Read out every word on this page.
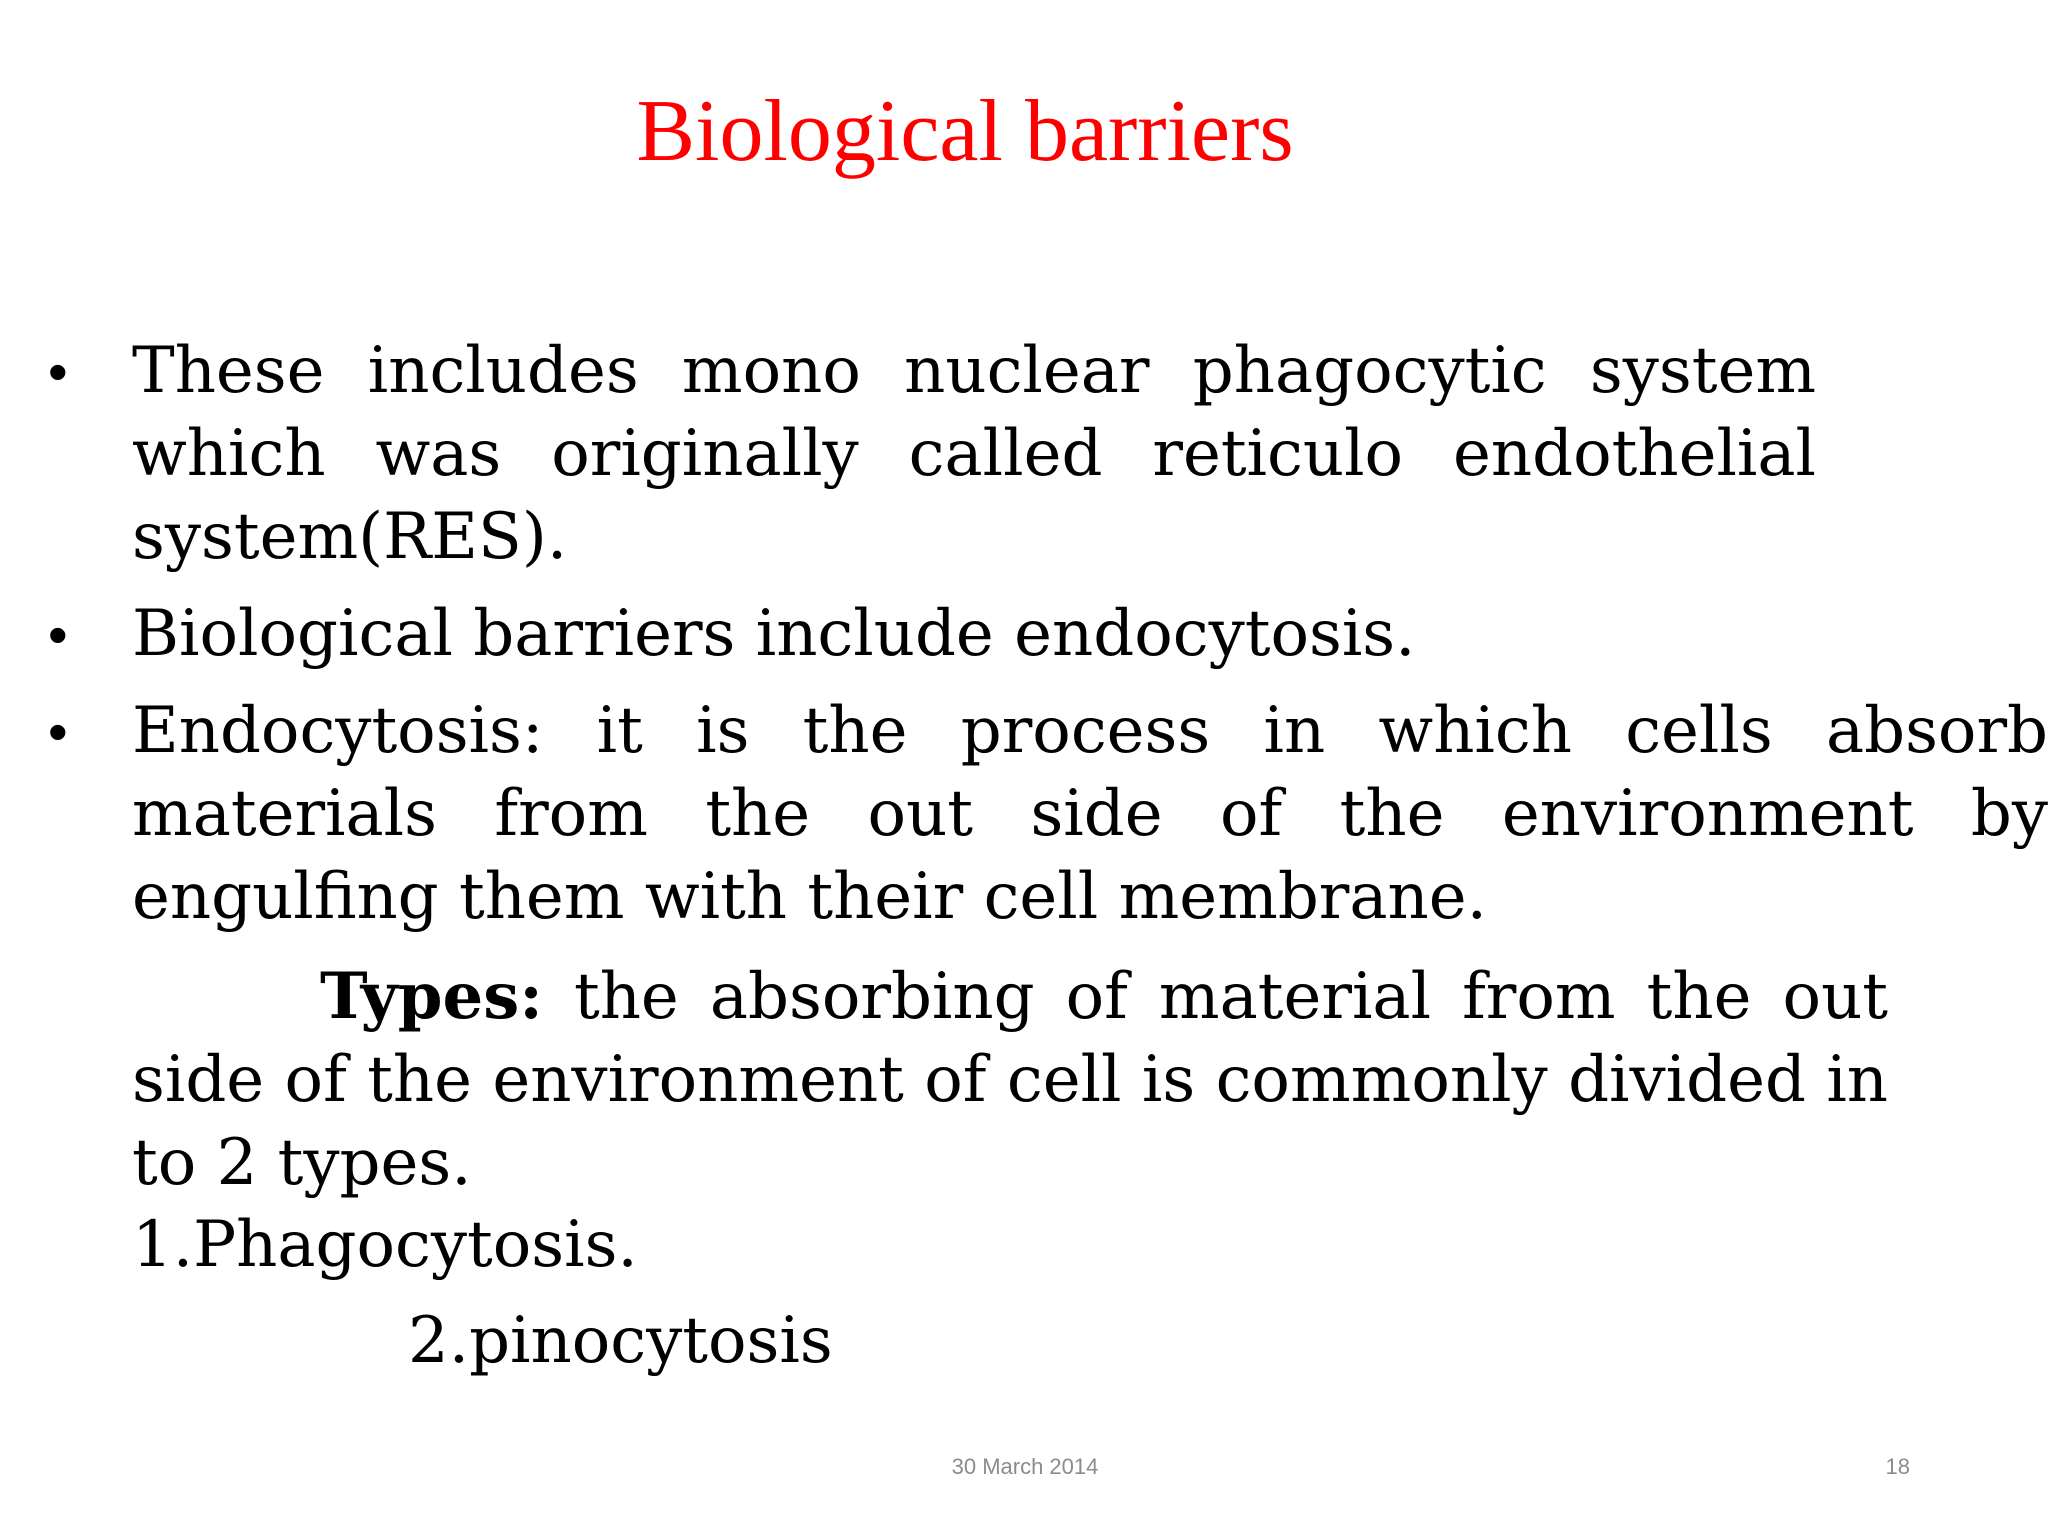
Biological barriers
• These includes mono nuclear phagocytic system which was originally called reticulo endothelial system(RES).
• Biological barriers include endocytosis.
• Endocytosis: it is the process in which cells absorb materials from the out side of the environment by engulfing them with their cell membrane.

Types: the absorbing of material from the out side of the environment of cell is commonly divided in to 2 types.

1.Phagocytosis.
2.pinocytosis
30 March 2014	18
